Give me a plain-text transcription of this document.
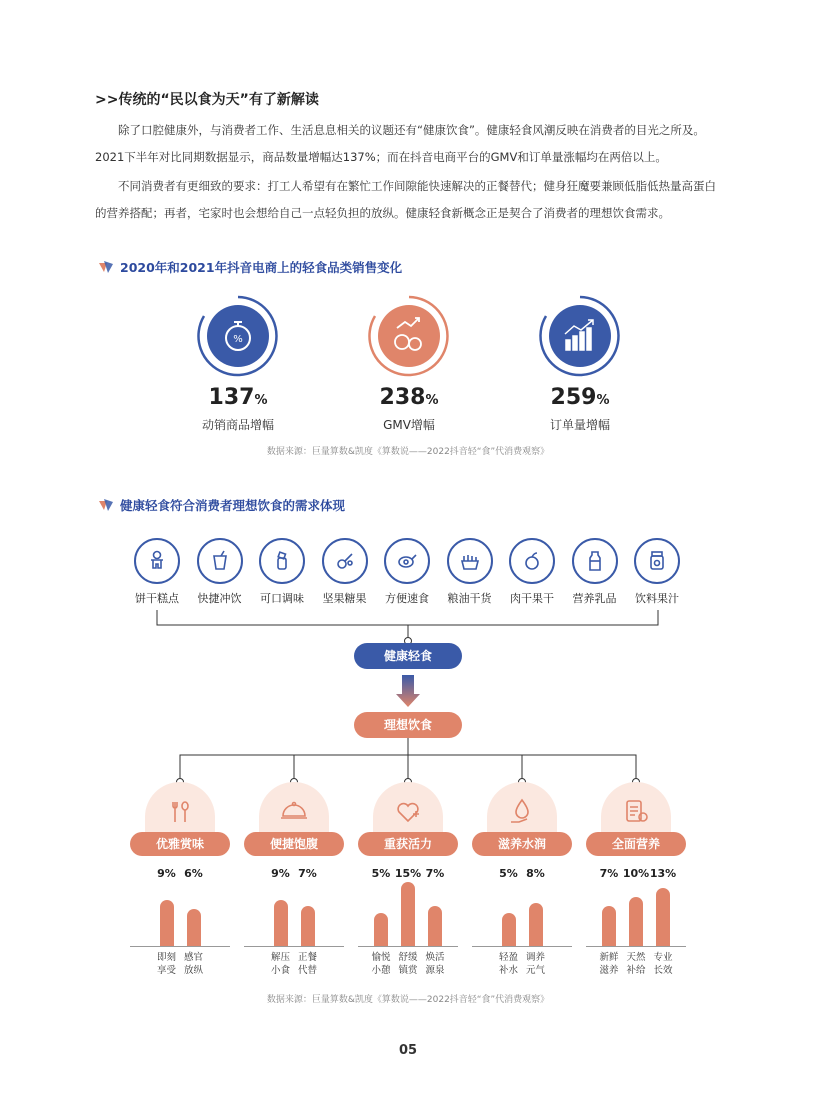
>>传统的“民以食为天”有了新解读
除了口腔健康外，与消费者工作、生活息息相关的议题还有“健康饮食”。健康轻食风潮反映在消费者的目光之所及。2021下半年对比同期数据显示，商品数量增幅达137%；而在抖音电商平台的GMV和订单量涨幅均在两倍以上。
不同消费者有更细致的要求：打工人希望有在繁忙工作间隙能快速解决的正餐替代；健身狂魔要兼顾低脂低热量高蛋白的营养搭配；再者，宅家时也会想给自己一点轻负担的放纵。健康轻食新概念正是契合了消费者的理想饮食需求。
2020年和2021年抖音电商上的轻食品类销售变化
%
137%
动销商品增幅
238%
GMV增幅
259%
订单量增幅
数据来源：巨量算数&凯度《算数说——2022抖音轻“食”代消费观察》
健康轻食符合消费者理想饮食的需求体现
饼干糕点	快捷冲饮	可口调味	坚果糖果	方便速食	粮油干货	肉干果干	营养乳品	饮料果汁
健康轻食
理想饮食
优雅赏味
9%
即刻
享受
6%
感官
放纵
便捷饱腹
9%
解压
小食
7%
正餐
代替
重获活力
5%
愉悦
小憩
15%
舒缓
镇赏
7%
焕活
源泉
滋养水润
5%
轻盈
补水
8%
调养
元气
全面营养
7%
新鲜
滋养
10%
天然
补给
13%
专业
长效
数据来源：巨量算数&凯度《算数说——2022抖音轻“食”代消费观察》
05
